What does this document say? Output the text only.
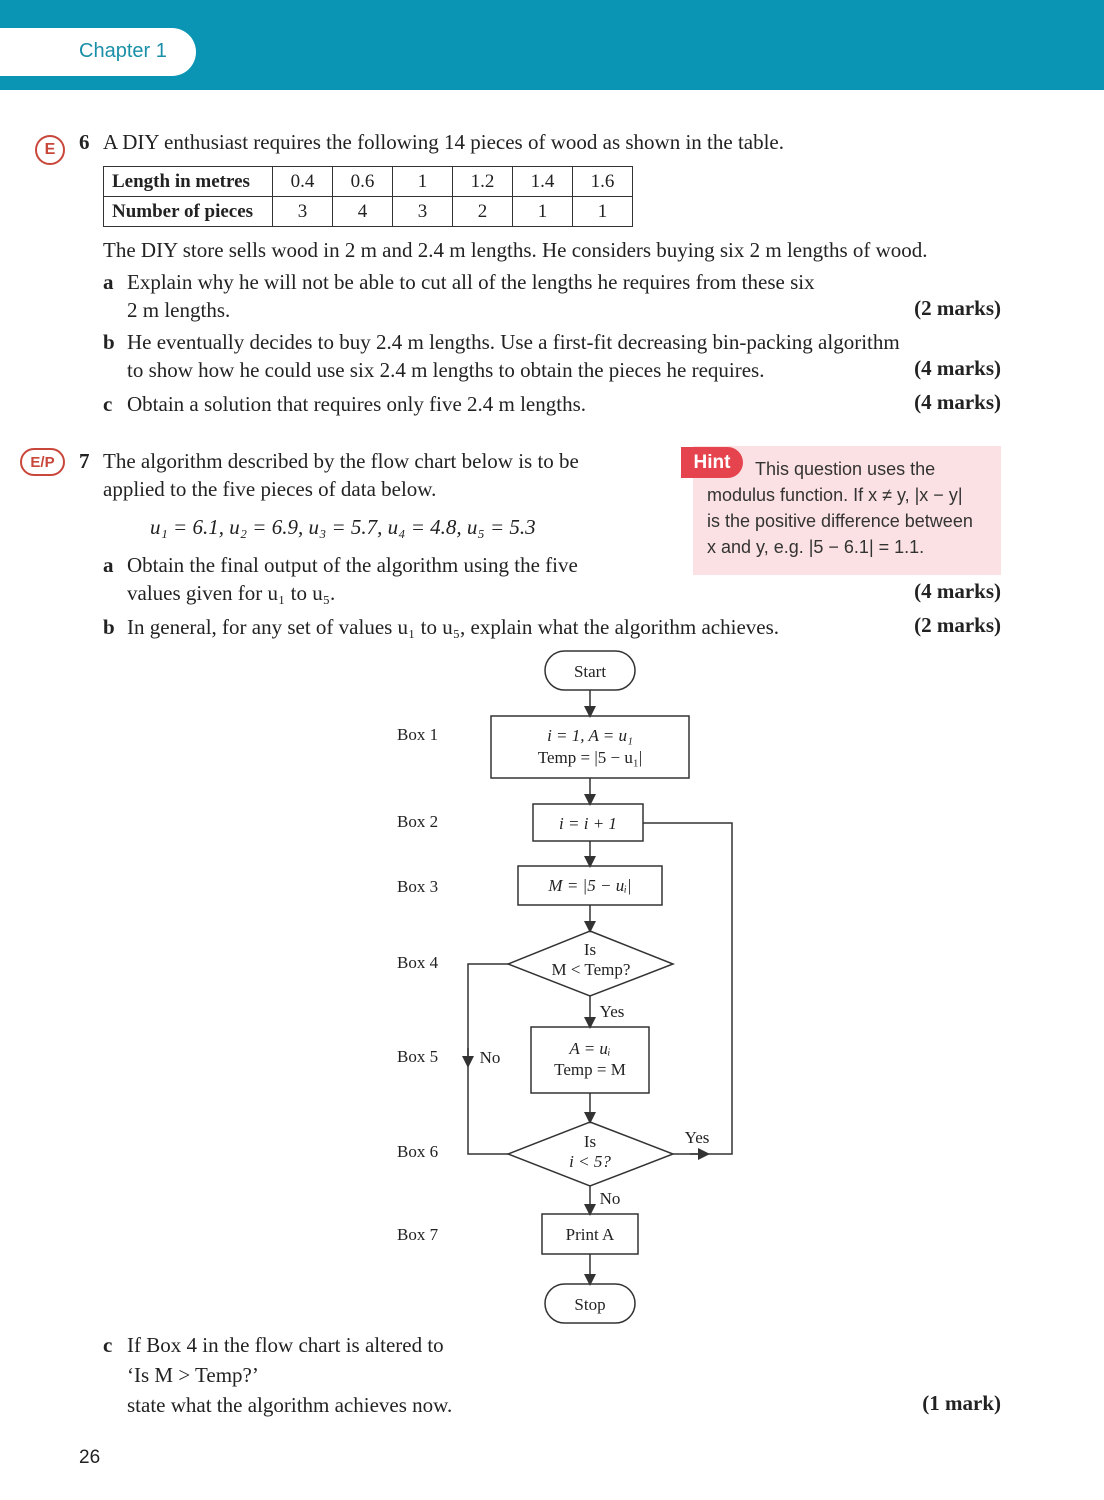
Chapter 1
E	6 A DIY enthusiast requires the following 14 pieces of wood as shown in the table.
Length in metres	0.4	0.6	1	1.2	1.4	1.6
Number of pieces	3	4	3	2	1	1
The DIY store sells wood in 2 m and 2.4 m lengths. He considers buying six 2 m lengths of wood.
a Explain why he will not be able to cut all of the lengths he requires from these six
2 m lengths.	(2 marks)
b He eventually decides to buy 2.4 m lengths. Use a first-fit decreasing bin-packing algorithm
to show how he could use six 2.4 m lengths to obtain the pieces he requires.	(4 marks)
c Obtain a solution that requires only five 2.4 m lengths.	(4 marks)
E/P	7 The algorithm described by the flow chart below is to be
applied to the five pieces of data below.
u₁ = 6.1, u₂ = 6.9, u₃ = 5.7, u₄ = 4.8, u₅ = 5.3
a Obtain the final output of the algorithm using the five
values given for u₁ to u₅.	(4 marks)
b In general, for any set of values u₁ to u₅, explain what the algorithm achieves.	(2 marks)
Hint	This question uses the
modulus function. If x ≠ y, |x − y|
is the positive difference between
x and y, e.g. |5 − 6.1| = 1.1.
Box 1
Box 2
Box 3
Box 4
Box 5
Box 6
Box 7
Start
i = 1, A = u₁
Temp = |5 − u₁|
i = i + 1
M = |5 − uᵢ|
Is
M < Temp?
Yes
No	A = uᵢ
Temp = M
Is
i < 5?
Yes
No
Print A
Stop
c If Box 4 in the flow chart is altered to
‘Is M > Temp?’
state what the algorithm achieves now.	(1 mark)
26
